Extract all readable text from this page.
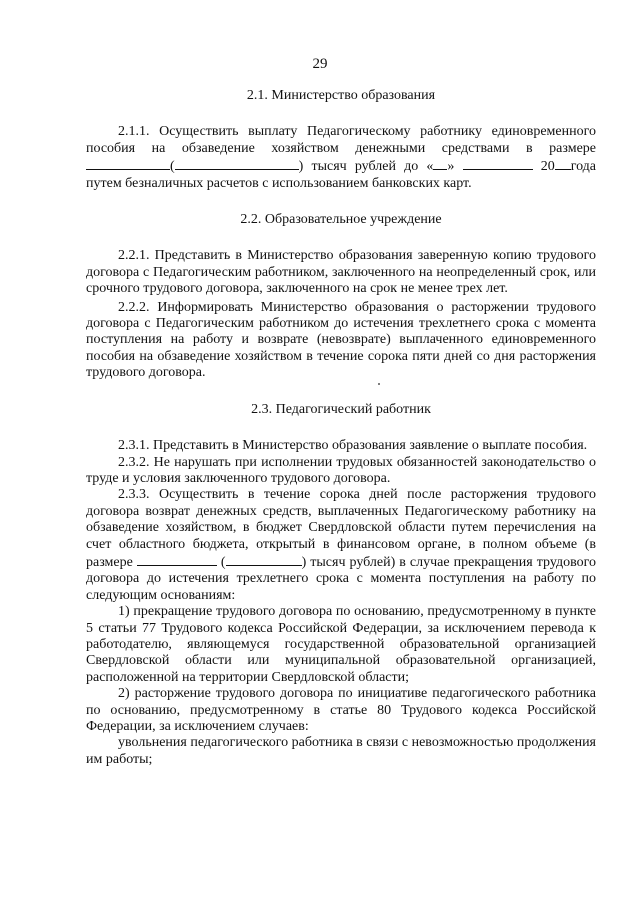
29
2.1. Министерство образования

2.1.1. Осуществить выплату Педагогическому работнику единовременного пособия на обзаведение хозяйством денежными средствами в размере (	) тысяч рублей до « »	20 года путем безналичных расчетов с использованием банковских карт.

2.2. Образовательное учреждение

2.2.1. Представить в Министерство образования заверенную копию трудового договора с Педагогическим работником, заключенного на неопределенный срок, или срочного трудового договора, заключенного на срок не менее трех лет.

2.2.2. Информировать Министерство образования о расторжении трудового договора с Педагогическим работником до истечения трехлетнего срока с момента поступления на работу и возврате (невозврате) выплаченного единовременного пособия на обзаведение хозяйством в течение сорока пяти дней со дня расторжения трудового договора.

2.3. Педагогический работник

2.3.1. Представить в Министерство образования заявление о выплате пособия.

2.3.2. Не нарушать при исполнении трудовых обязанностей законодательство о труде и условия заключенного трудового договора.

2.3.3. Осуществить в течение сорока дней после расторжения трудового договора возврат денежных средств, выплаченных Педагогическому работнику на обзаведение хозяйством, в бюджет Свердловской области путем перечисления на счет областного бюджета, открытый в финансовом органе, в полном объеме (в размере	(	) тысяч рублей) в случае прекращения трудового договора до истечения трехлетнего срока с момента поступления на работу по следующим основаниям:

1) прекращение трудового договора по основанию, предусмотренному в пункте 5 статьи 77 Трудового кодекса Российской Федерации, за исключением перевода к работодателю, являющемуся государственной образовательной организацией Свердловской области или муниципальной образовательной организацией, расположенной на территории Свердловской области;

2) расторжение трудового договора по инициативе педагогического работника по основанию, предусмотренному в статье 80 Трудового кодекса Российской Федерации, за исключением случаев:

увольнения педагогического работника в связи с невозможностью продолжения им работы;
